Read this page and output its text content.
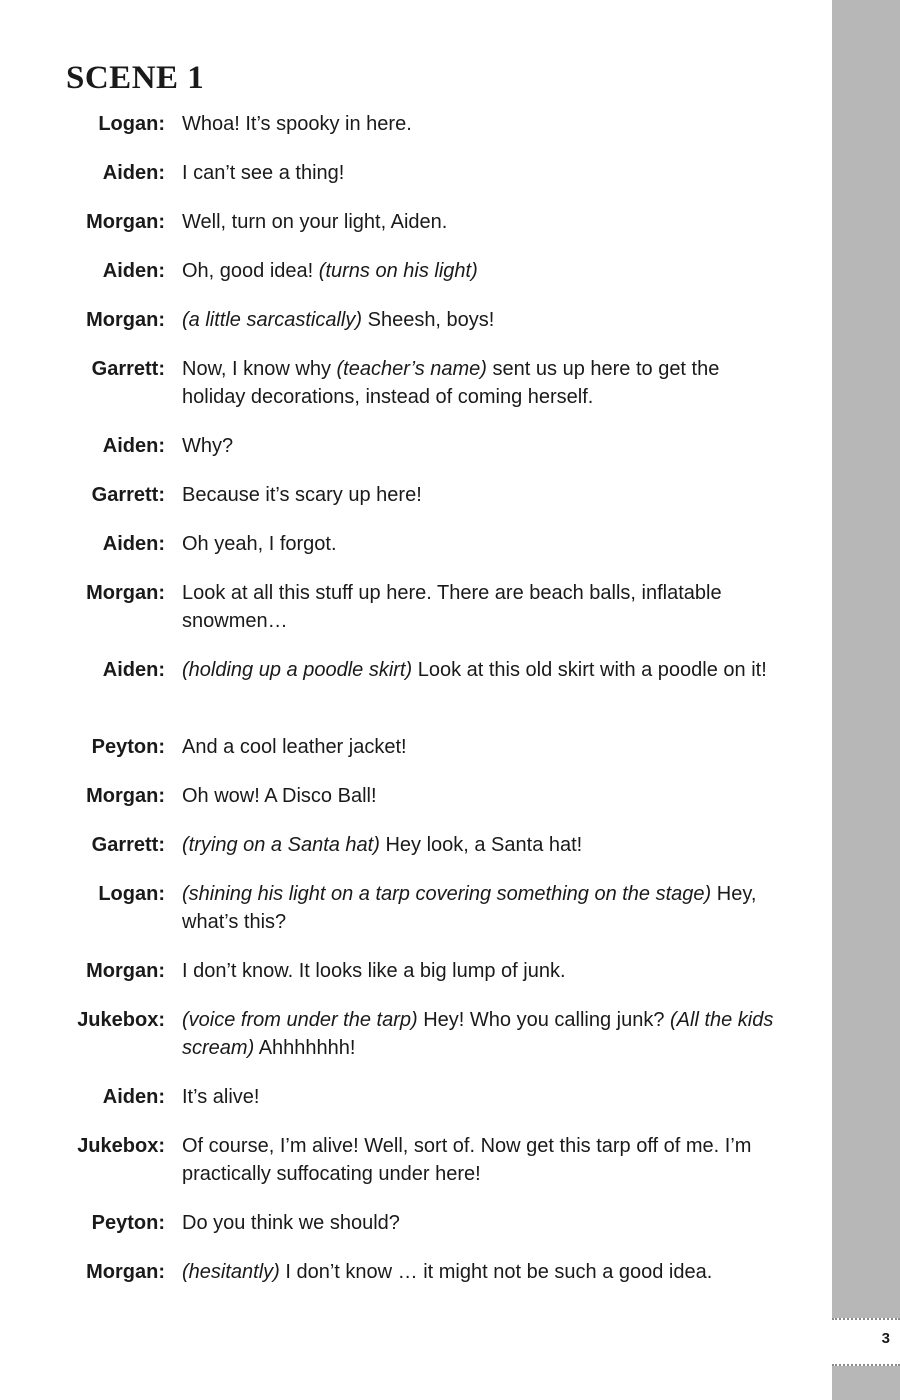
3
SCENE 1
Logan: Whoa! It’s spooky in here.
Aiden: I can’t see a thing!
Morgan: Well, turn on your light, Aiden.
Aiden: Oh, good idea! (turns on his light)
Morgan: (a little sarcastically) Sheesh, boys!
Garrett: Now, I know why (teacher’s name) sent us up here to get the holiday decorations, instead of coming herself.
Aiden: Why?
Garrett: Because it’s scary up here!
Aiden: Oh yeah, I forgot.
Morgan: Look at all this stuff up here. There are beach balls, inflatable snowmen…
Aiden: (holding up a poodle skirt) Look at this old skirt with a poodle on it!
Peyton: And a cool leather jacket!
Morgan: Oh wow! A Disco Ball!
Garrett: (trying on a Santa hat) Hey look, a Santa hat!
Logan: (shining his light on a tarp covering something on the stage) Hey, what’s this?
Morgan: I don’t know. It looks like a big lump of junk.
Jukebox: (voice from under the tarp) Hey! Who you calling junk? (All the kids scream) Ahhhhhhh!
Aiden: It’s alive!
Jukebox: Of course, I’m alive! Well, sort of. Now get this tarp off of me. I’m practically suffocating under here!
Peyton: Do you think we should?
Morgan: (hesitantly) I don’t know … it might not be such a good idea.
